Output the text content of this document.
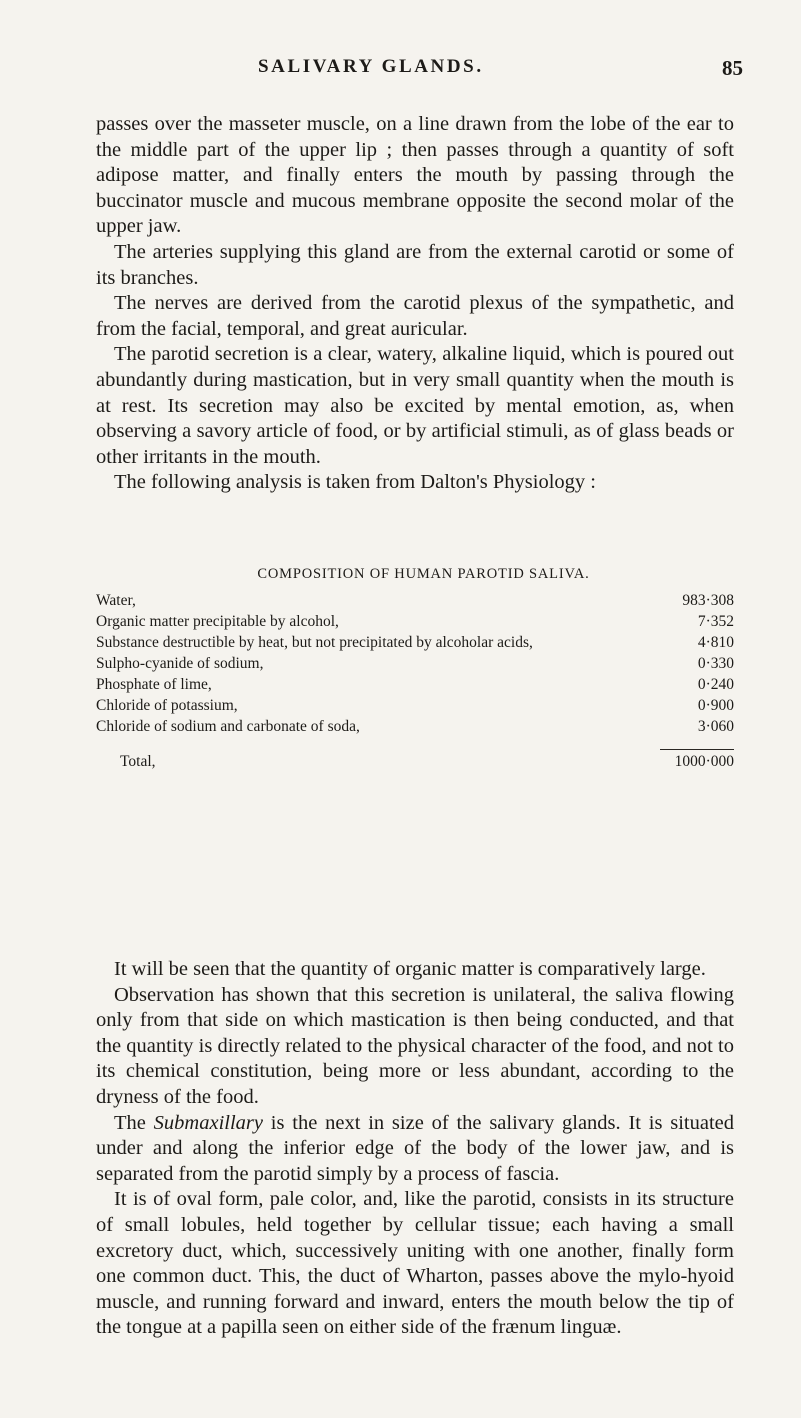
SALIVARY GLANDS.	85

passes over the masseter muscle, on a line drawn from the lobe of the ear to the middle part of the upper lip ; then passes through a quantity of soft adipose matter, and finally enters the mouth by passing through the buccinator muscle and mucous membrane opposite the second molar of the upper jaw.

The arteries supplying this gland are from the external carotid or some of its branches.

The nerves are derived from the carotid plexus of the sympathetic, and from the facial, temporal, and great auricular.

The parotid secretion is a clear, watery, alkaline liquid, which is poured out abundantly during mastication, but in very small quantity when the mouth is at rest. Its secretion may also be excited by mental emotion, as, when observing a savory article of food, or by artificial stimuli, as of glass beads or other irritants in the mouth.

The following analysis is taken from Dalton's Physiology :

COMPOSITION OF HUMAN PAROTID SALIVA.
Water,	983·308
Organic matter precipitable by alcohol,	7·352
Substance destructible by heat, but not precipitated by alcoholar acids,	4·810
Sulpho-cyanide of sodium,	0·330
Phosphate of lime,	0·240
Chloride of potassium,	0·900
Chloride of sodium and carbonate of soda,	3·060
Total,	1000·000

It will be seen that the quantity of organic matter is comparatively large.

Observation has shown that this secretion is unilateral, the saliva flowing only from that side on which mastication is then being conducted, and that the quantity is directly related to the physical character of the food, and not to its chemical constitution, being more or less abundant, according to the dryness of the food.

The Submaxillary is the next in size of the salivary glands. It is situated under and along the inferior edge of the body of the lower jaw, and is separated from the parotid simply by a process of fascia.

It is of oval form, pale color, and, like the parotid, consists in its structure of small lobules, held together by cellular tissue; each having a small excretory duct, which, successively uniting with one another, finally form one common duct. This, the duct of Wharton, passes above the mylo-hyoid muscle, and running forward and inward, enters the mouth below the tip of the tongue at a papilla seen on either side of the frænum linguæ.
